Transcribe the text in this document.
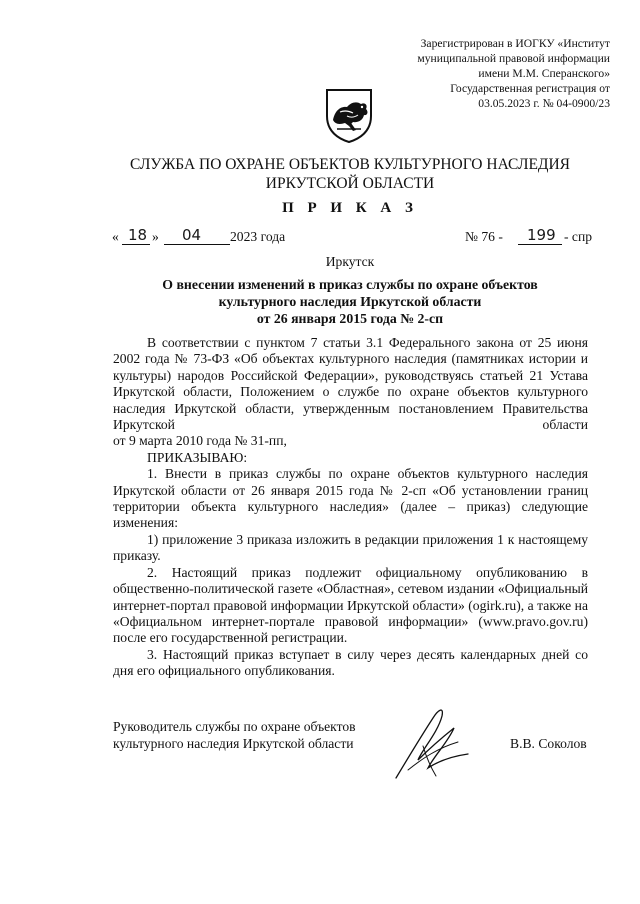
Зарегистрирован в ИОГКУ «Институт
муниципальной правовой информации
имени М.М. Сперанского»
Государственная регистрация от
03.05.2023 г. № 04-0900/23
СЛУЖБА ПО ОХРАНЕ ОБЪЕКТОВ КУЛЬТУРНОГО НАСЛЕДИЯ
ИРКУТСКОЙ ОБЛАСТИ
П Р И К А З
« 18 » 04 2023 года	№ 76 - 199 - спр
Иркутск
О внесении изменений в приказ службы по охране объектов
культурного наследия Иркутской области
от 26 января 2015 года № 2-сп

В соответствии с пунктом 7 статьи 3.1 Федерального закона от 25 июня 2002 года № 73-ФЗ «Об объектах культурного наследия (памятниках истории и культуры) народов Российской Федерации», руководствуясь статьей 21 Устава Иркутской области, Положением о службе по охране объектов культурного наследия Иркутской области, утвержденным постановлением Правительства Иркутской области

от 9 марта 2010 года № 31-пп,

ПРИКАЗЫВАЮ:

1. Внести в приказ службы по охране объектов культурного наследия Иркутской области от 26 января 2015 года № 2-сп «Об установлении границ территории объекта культурного наследия» (далее – приказ) следующие изменения:

1) приложение 3 приказа изложить в редакции приложения 1 к настоящему приказу.

2. Настоящий приказ подлежит официальному опубликованию в общественно-политической газете «Областная», сетевом издании «Официальный интернет-портал правовой информации Иркутской области» (ogirk.ru), а также на «Официальном интернет-портале правовой информации» (www.pravo.gov.ru) после его государственной регистрации.

3. Настоящий приказ вступает в силу через десять календарных дней со дня его официального опубликования.

Руководитель службы по охране объектов
культурного наследия Иркутской области	В.В. Соколов
